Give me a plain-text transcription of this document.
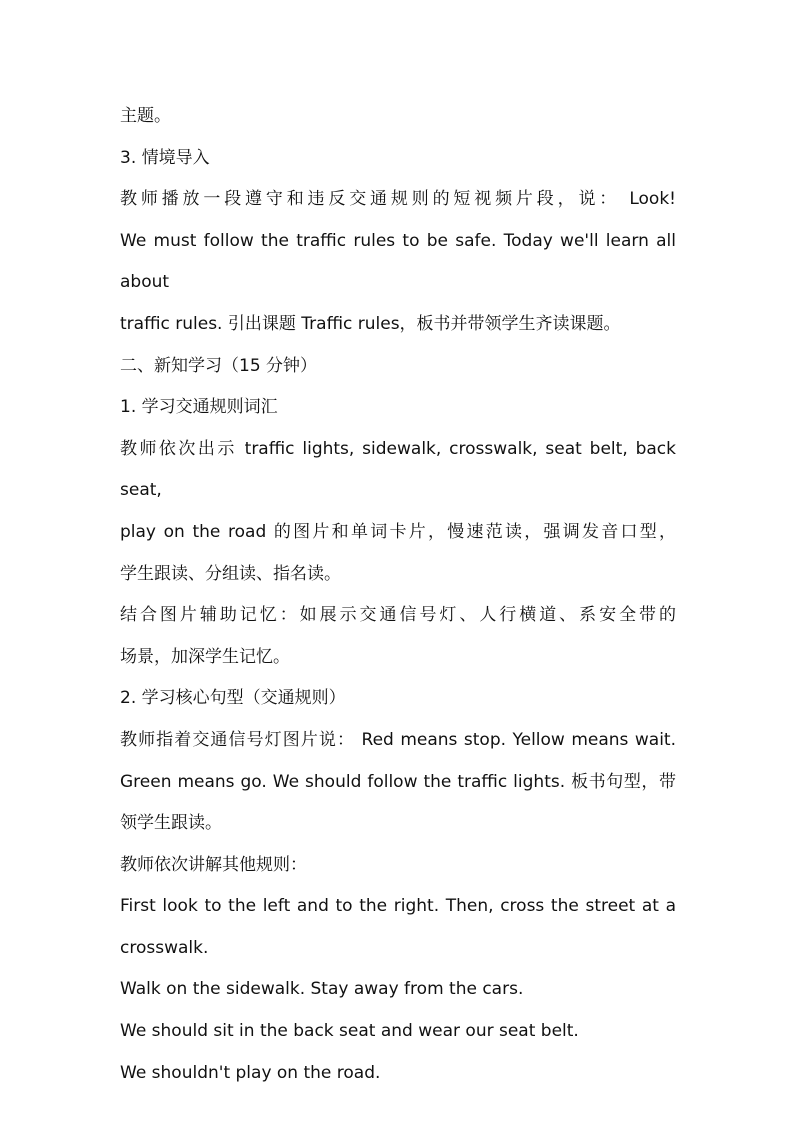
主题。
3. 情境导入
教师播放一段遵守和违反交通规则的短视频片段，说： Look!
We must follow the traffic rules to be safe. Today we'll learn all about
traffic rules. 引出课题 Traffic rules，板书并带领学生齐读课题。
二、新知学习（15 分钟）
1. 学习交通规则词汇
教师依次出示 traffic lights, sidewalk, crosswalk, seat belt, back seat,
play on the road 的图片和单词卡片，慢速范读，强调发音口型，
学生跟读、分组读、指名读。
结合图片辅助记忆：如展示交通信号灯、人行横道、系安全带的
场景，加深学生记忆。
2. 学习核心句型（交通规则）
教师指着交通信号灯图片说： Red means stop. Yellow means wait.
Green means go. We should follow the traffic lights. 板书句型，带
领学生跟读。
教师依次讲解其他规则：
First look to the left and to the right. Then, cross the street at a
crosswalk.
Walk on the sidewalk. Stay away from the cars.
We should sit in the back seat and wear our seat belt.
We shouldn't play on the road.
